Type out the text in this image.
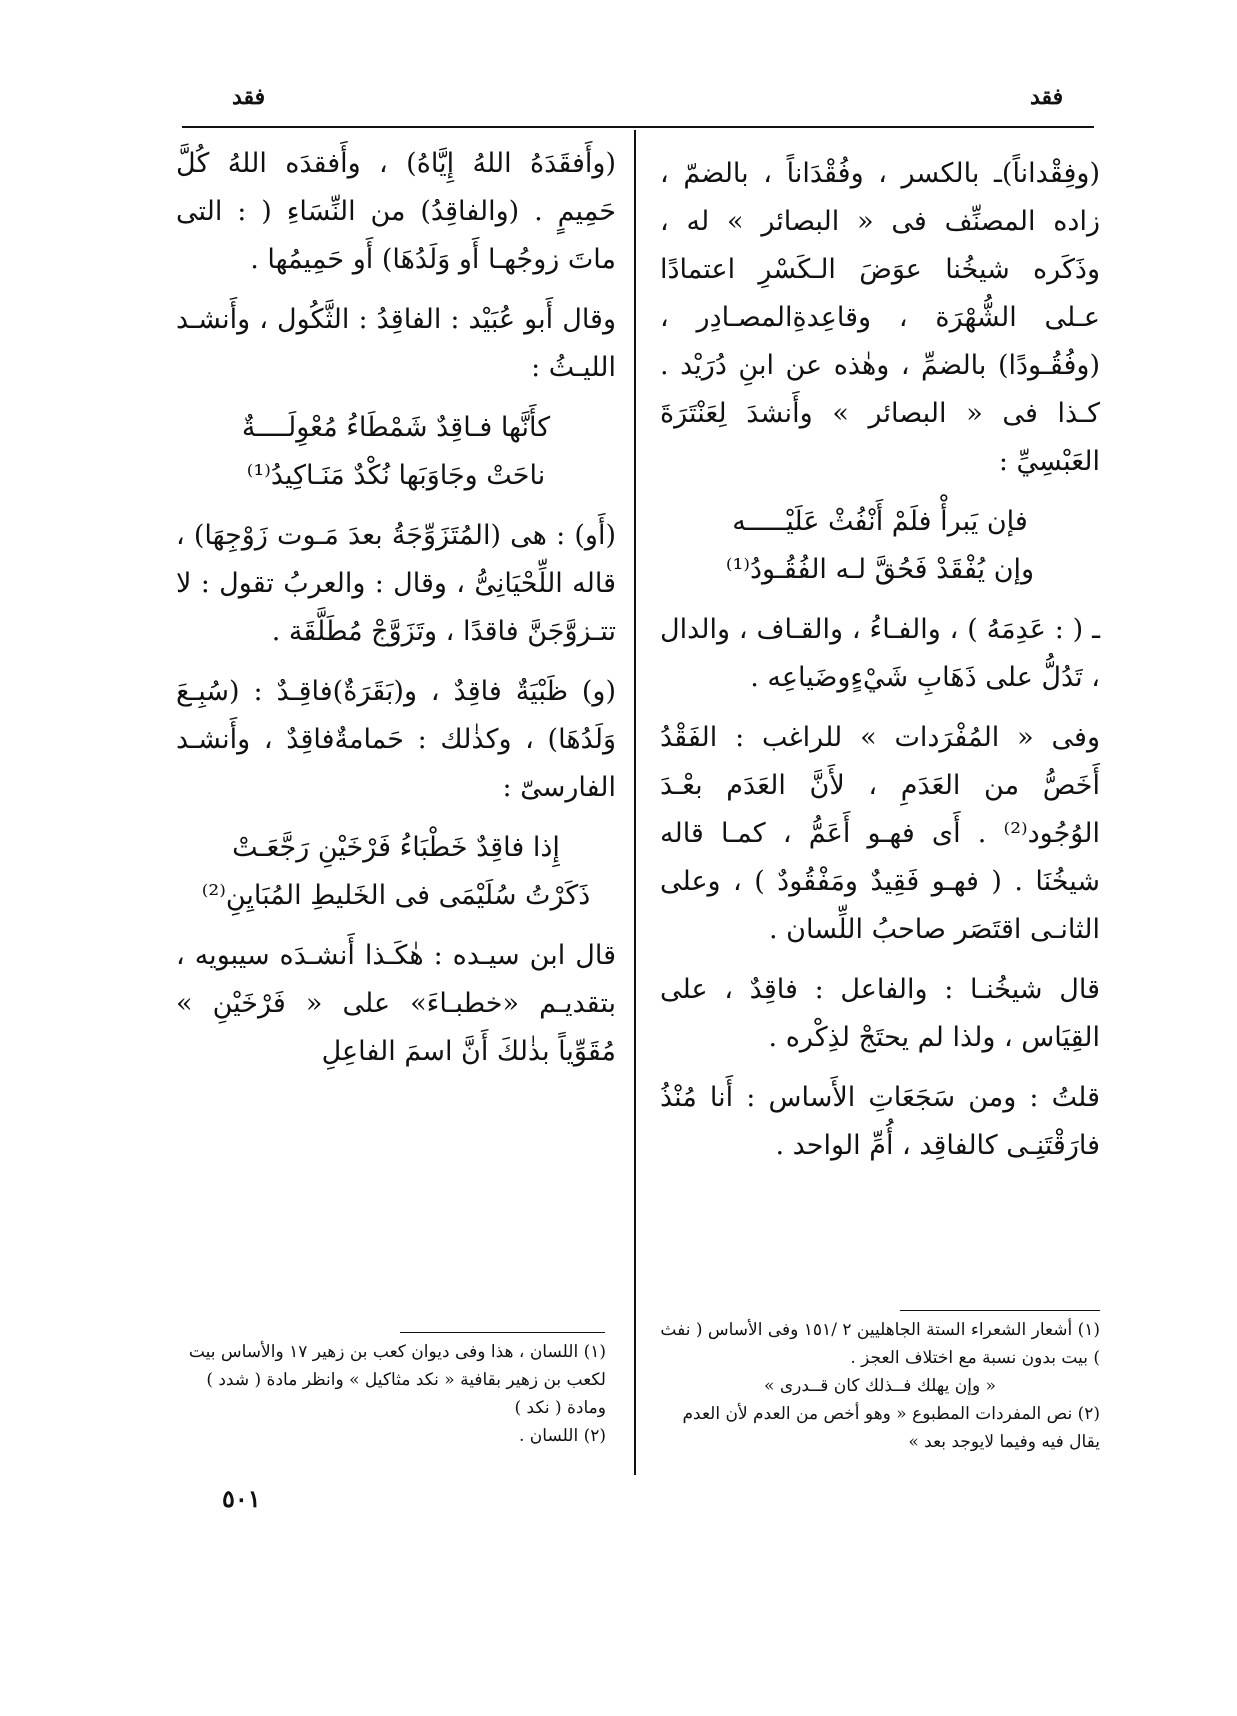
فقد	فقد

(وفِقْداناً)ـ بالكسر ، وفُقْدَاناً ، بالضمّ ، زاده المصنِّف فى « البصائر » له ، وذَكَره شيخُنا عوَضَ الـكَسْرِ اعتمادًا عـلى الشُّهْرَة ، وقاعِدةِالمصـادِر ، (وفُقُـودًا) بالضمِّ ، وهٰذه عن ابنِ دُرَيْد . كـذا فى « البصائر » وأَنشدَ لِعَنْتَرَةَ العَبْسِيِّ :

فإن يَبرأْ فلَمْ أَنْفُثْ عَلَيْـــــه
وإن يُفْقَدْ فَحُقَّ لـه الفُقُـودُ⁽¹⁾

ـ ( : عَدِمَهُ ) ، والفـاءُ ، والقـاف ، والدال ، تَدُلُّ على ذَهَابِ شَيْءٍوضَياعِه .

وفى « المُفْرَدات » للراغب : الفَقْدُ أَخَصُّ من العَدَمِ ، لأَنَّ العَدَم بعْـدَ الوُجُود⁽²⁾ . أَى فهـو أَعَمُّ ، كمـا قاله شيخُنَا . ( فهـو فَقِيدٌ ومَفْقُودٌ ) ، وعلى الثانـى اقتَصَر صاحبُ اللِّسان .

قال شيخُنـا : والفاعل : فاقِدٌ ، على القِيَاس ، ولذا لم يحتَجْ لذِكْره .

قلتُ : ومن سَجَعَاتِ الأَساس : أَنا مُنْذُ فارَقْتَنِـى كالفاقِد ، أُمِّ الواحد .

(وأَفقَدَهُ اللهُ إِيَّاهُ) ، وأَفقدَه اللهُ كُلَّ حَمِيمٍ . (والفاقِدُ) من النِّسَاءِ ( : التى ماتَ زوجُهـا أَو وَلَدُهَا) أَو حَمِيمُها .

وقال أَبو عُبَيْد : الفاقِدُ : الثَّكُول ، وأَنشـد الليـثُ :

كأَنَّها فـاقِدٌ شَمْطَاءُ مُعْوِلَــــةٌ
ناحَتْ وجَاوَبَها نُكْدٌ مَنَـاكِيدُ⁽¹⁾

(أَو) : هى (المُتَزَوِّجَةُ بعدَ مَـوت زَوْجِهَا) ، قاله اللِّحْيَانِىُّ ، وقال : والعربُ تقول : لا تتـزوَّجَنَّ فاقدًا ، وتَزَوَّجْ مُطَلَّقَة .

(و) ظَبْيَةٌ فاقِدٌ ، و(بَقَرَةٌ)فاقِـدٌ : (سُبِـعَ وَلَدُهَا) ، وكذٰلك : حَمامةٌفاقِدٌ ، وأَنشـد الفارسىّ :

إِذا فاقِدٌ خَطْبَاءُ فَرْخَيْنِ رَجَّعَـتْ
ذَكَرْتُ سُلَيْمَى فى الخَليطِ المُبَايِنِ⁽²⁾

قال ابن سيـده : هٰكَـذا أَنشـدَه سيبويه ، بتقديـم «خطبـاءَ» على « فَرْخَيْنِ » مُقَوِّياً بذٰلكَ أَنَّ اسمَ الفاعِلِ

(١) أشعار الشعراء الستة الجاهليين ٢ /١٥١ وفى الأساس ( نفث ) بيت بدون نسبة مع اختلاف العجز .
« وإن يهلك فــذلك كان قــدرى »
(٢) نص المفردات المطبوع « وهو أخص من العدم لأن العدم يقال فيه وفيما لايوجد بعد »
(١) اللسان ، هذا وفى ديوان كعب بن زهير ١٧ والأساس بيت لكعب بن زهير بقافية « نكد مثاكيل » وانظر مادة ( شدد ) ومادة ( نكد )
(٢) اللسان .
٥٠١
